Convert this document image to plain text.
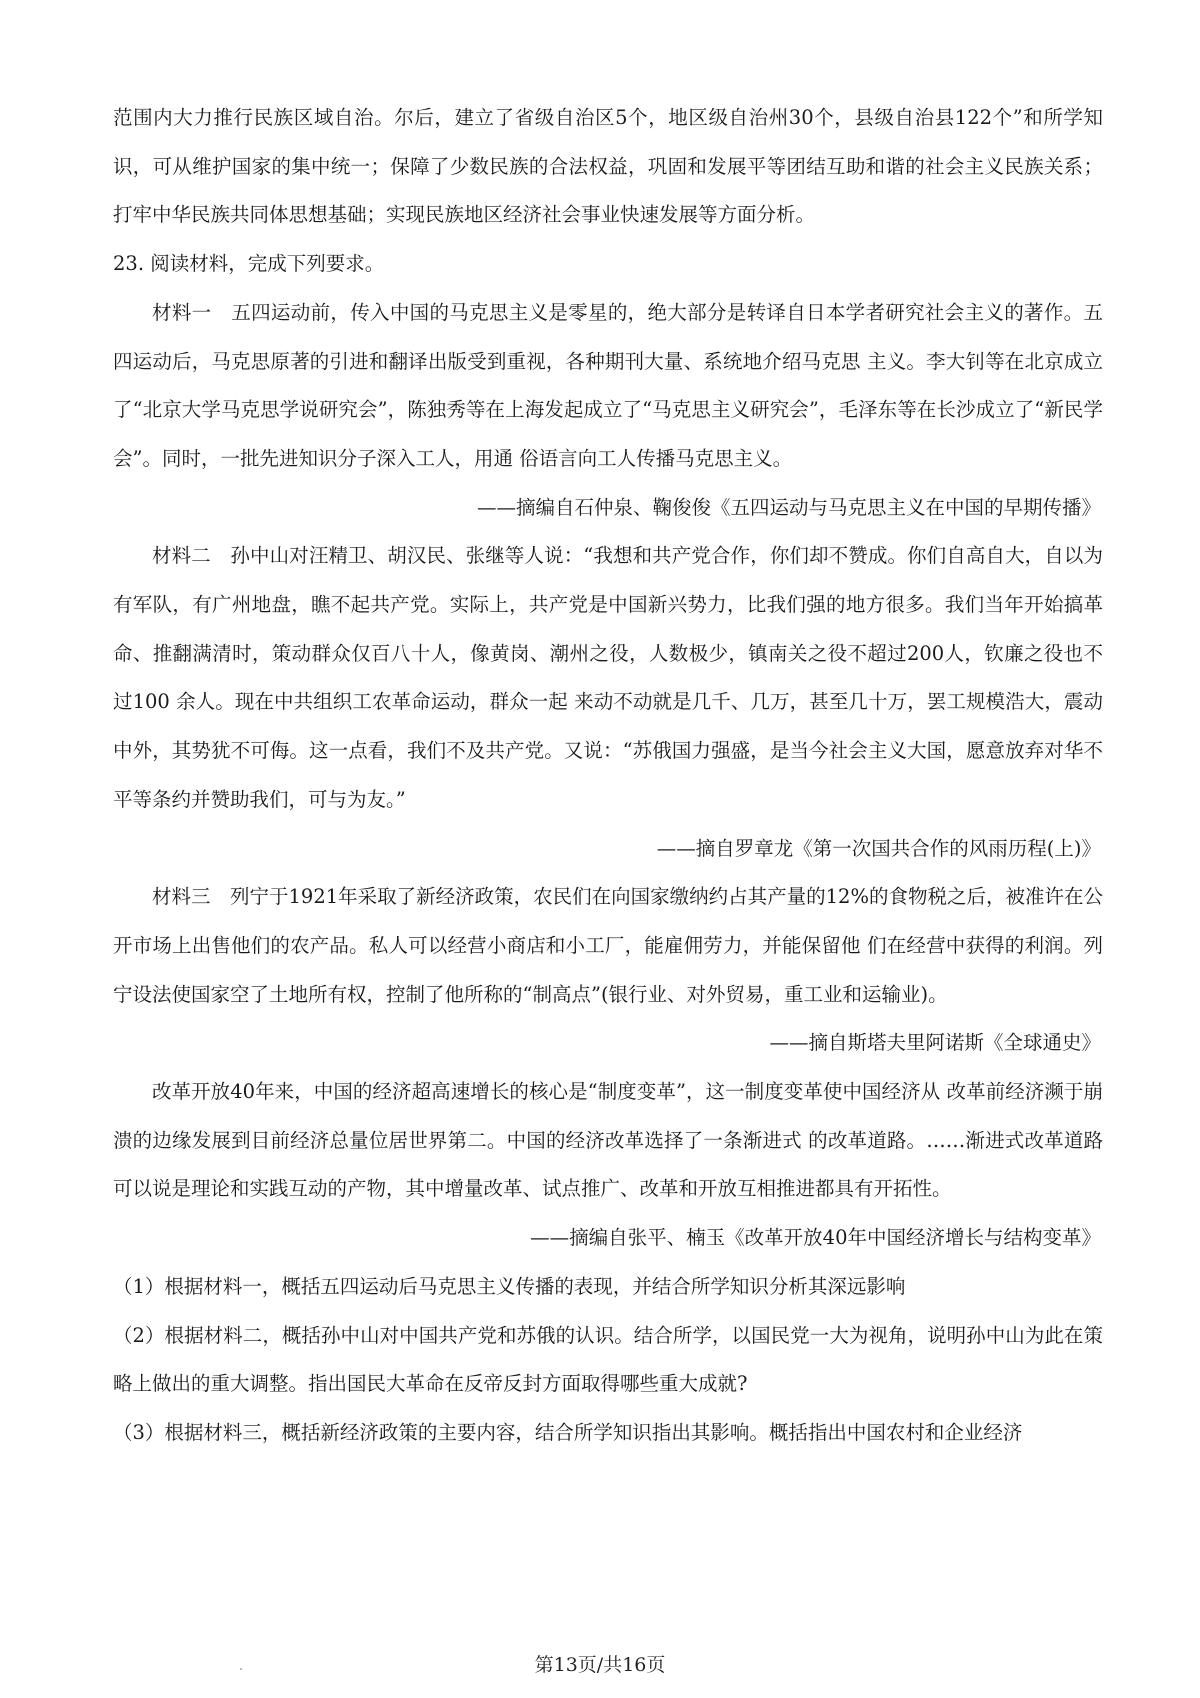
范围内大力推行民族区域自治。尔后，建立了省级自治区5个，地区级自治州30个，县级自治县122个”和所学知识，可从维护国家的集中统一；保障了少数民族的合法权益，巩固和发展平等团结互助和谐的社会主义民族关系；打牢中华民族共同体思想基础；实现民族地区经济社会事业快速发展等方面分析。

23. 阅读材料，完成下列要求。

材料一　五四运动前，传入中国的马克思主义是零星的，绝大部分是转译自日本学者研究社会主义的著作。五四运动后，马克思原著的引进和翻译出版受到重视，各种期刊大量、系统地介绍马克思 主义。李大钊等在北京成立了“北京大学马克思学说研究会”，陈独秀等在上海发起成立了“马克思主义研究会”，毛泽东等在长沙成立了“新民学会”。同时，一批先进知识分子深入工人，用通 俗语言向工人传播马克思主义。

——摘编自石仲泉、鞠俊俊《五四运动与马克思主义在中国的早期传播》

材料二　孙中山对汪精卫、胡汉民、张继等人说：“我想和共产党合作，你们却不赞成。你们自高自大，自以为有军队，有广州地盘，瞧不起共产党。实际上，共产党是中国新兴势力，比我们强的地方很多。我们当年开始搞革命、推翻满清时，策动群众仅百八十人，像黄岗、潮州之役，人数极少，镇南关之役不超过200人，钦廉之役也不过100 余人。现在中共组织工农革命运动，群众一起 来动不动就是几千、几万，甚至几十万，罢工规模浩大，震动中外，其势犹不可侮。这一点看，我们不及共产党。又说：“苏俄国力强盛，是当今社会主义大国，愿意放弃对华不平等条约并赞助我们，可与为友。”

——摘自罗章龙《第一次国共合作的风雨历程(上)》

材料三　列宁于1921年采取了新经济政策，农民们在向国家缴纳约占其产量的12%的食物税之后，被准许在公开市场上出售他们的农产品。私人可以经营小商店和小工厂，能雇佣劳力，并能保留他 们在经营中获得的利润。列宁设法使国家空了土地所有权，控制了他所称的“制高点”(银行业、对外贸易，重工业和运输业)。

——摘自斯塔夫里阿诺斯《全球通史》

改革开放40年来，中国的经济超高速增长的核心是“制度变革”，这一制度变革使中国经济从 改革前经济濒于崩溃的边缘发展到目前经济总量位居世界第二。中国的经济改革选择了一条渐进式 的改革道路。……渐进式改革道路可以说是理论和实践互动的产物，其中增量改革、试点推广、改革和开放互相推进都具有开拓性。

——摘编自张平、楠玉《改革开放40年中国经济增长与结构变革》

（1）根据材料一，概括五四运动后马克思主义传播的表现，并结合所学知识分析其深远影响

（2）根据材料二，概括孙中山对中国共产党和苏俄的认识。结合所学，以国民党一大为视角，说明孙中山为此在策略上做出的重大调整。指出国民大革命在反帝反封方面取得哪些重大成就?

（3）根据材料三，概括新经济政策的主要内容，结合所学知识指出其影响。概括指出中国农村和企业经济

第13页/共16页
